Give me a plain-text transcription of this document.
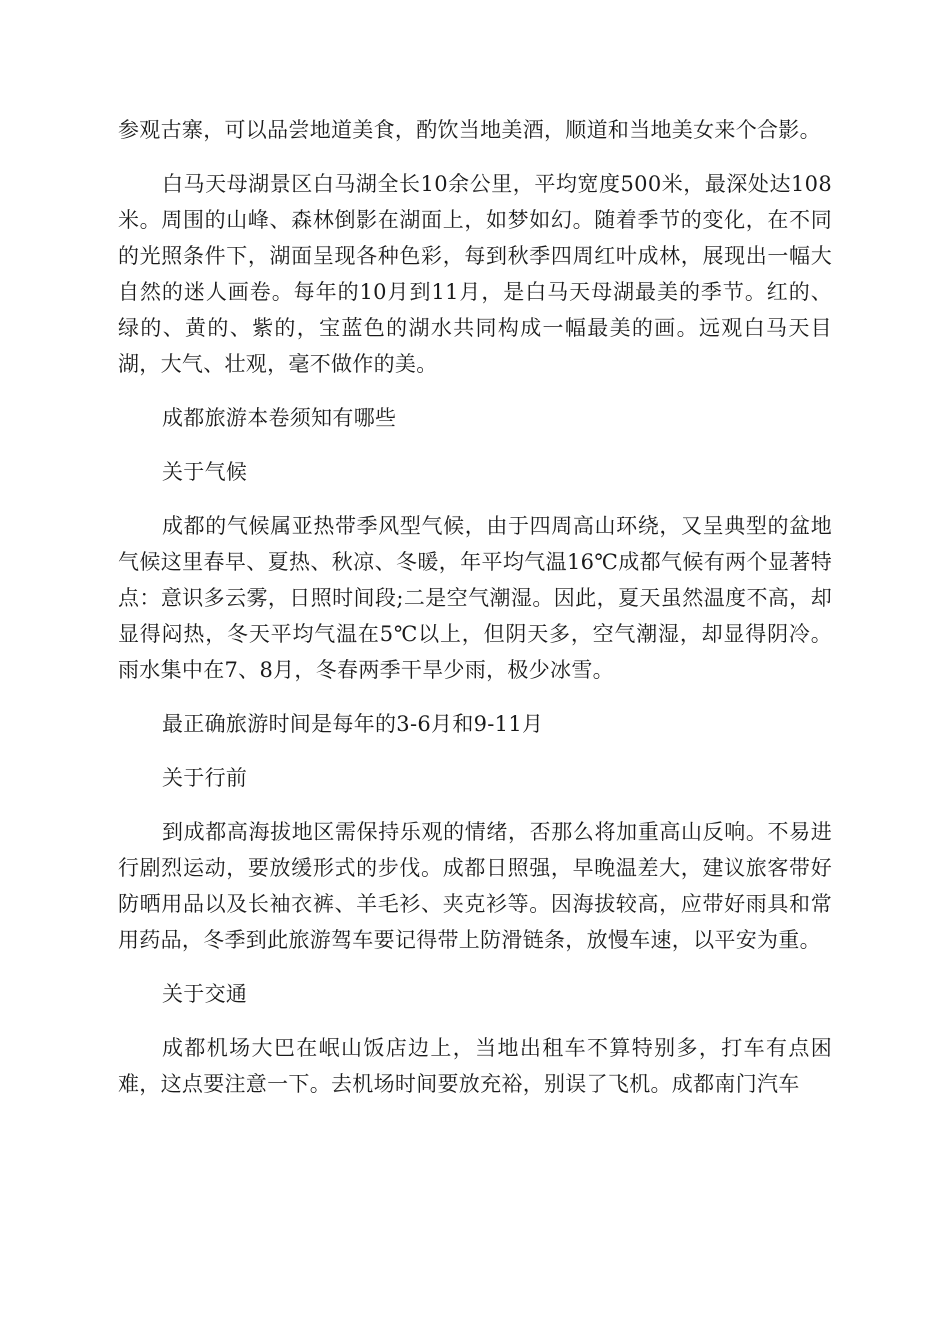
参观古寨，可以品尝地道美食，酌饮当地美酒，顺道和当地美女来个合影。

白马天母湖景区白马湖全长10余公里，平均宽度500米，最深处达108米。周围的山峰、森林倒影在湖面上，如梦如幻。随着季节的变化，在不同的光照条件下，湖面呈现各种色彩，每到秋季四周红叶成林，展现出一幅大自然的迷人画卷。每年的10月到11月，是白马天母湖最美的季节。红的、绿的、黄的、紫的，宝蓝色的湖水共同构成一幅最美的画。远观白马天目湖，大气、壮观，毫不做作的美。

成都旅游本卷须知有哪些

关于气候

成都的气候属亚热带季风型气候，由于四周高山环绕，又呈典型的盆地气候这里春早、夏热、秋凉、冬暖，年平均气温16℃成都气候有两个显著特点：意识多云雾，日照时间段;二是空气潮湿。因此，夏天虽然温度不高，却显得闷热，冬天平均气温在5℃以上，但阴天多，空气潮湿，却显得阴冷。雨水集中在7、8月，冬春两季干旱少雨，极少冰雪。

最正确旅游时间是每年的3-6月和9-11月

关于行前

到成都高海拔地区需保持乐观的情绪，否那么将加重高山反响。不易进行剧烈运动，要放缓形式的步伐。成都日照强，早晚温差大，建议旅客带好防晒用品以及长袖衣裤、羊毛衫、夹克衫等。因海拔较高，应带好雨具和常用药品，冬季到此旅游驾车要记得带上防滑链条，放慢车速，以平安为重。

关于交通

成都机场大巴在岷山饭店边上，当地出租车不算特别多，打车有点困难，这点要注意一下。去机场时间要放充裕，别误了飞机。成都南门汽车
